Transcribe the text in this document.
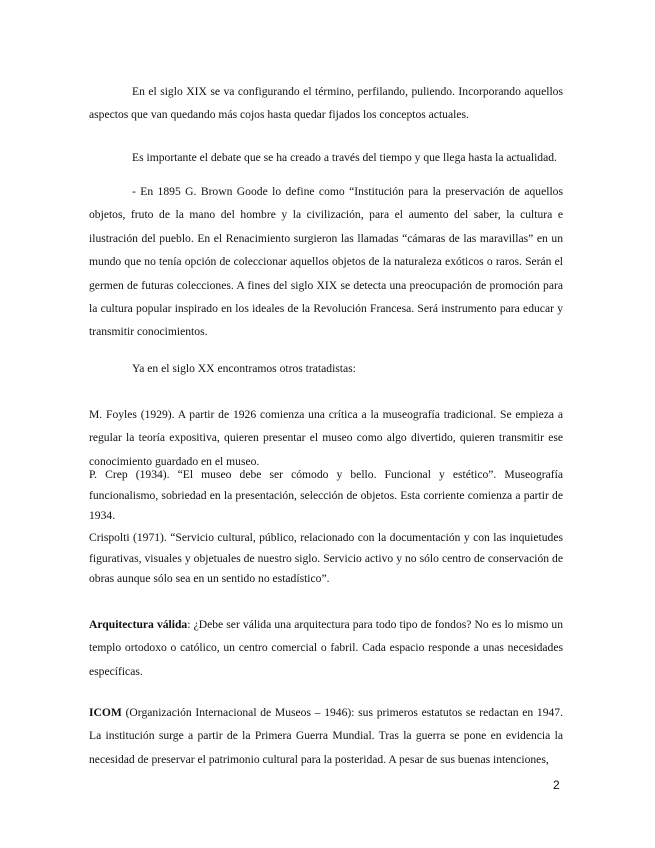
En el siglo XIX se va configurando el término, perfilando, puliendo. Incorporando aquellos aspectos que van quedando más cojos hasta quedar fijados los conceptos actuales.

Es importante el debate que se ha creado a través del tiempo y que llega hasta la actualidad.

- En 1895 G. Brown Goode lo define como “Institución para la preservación de aquellos objetos, fruto de la mano del hombre y la civilización, para el aumento del saber, la cultura e ilustración del pueblo. En el Renacimiento surgieron las llamadas “cámaras de las maravillas” en un mundo que no tenía opción de coleccionar aquellos objetos de la naturaleza exóticos o raros. Serán el germen de futuras colecciones. A fines del siglo XIX se detecta una preocupación de promoción para la cultura popular inspirado en los ideales de la Revolución Francesa. Será instrumento para educar y transmitir conocimientos.

Ya en el siglo XX encontramos otros tratadistas:

M. Foyles (1929). A partir de 1926 comienza una crítica a la museografía tradicional. Se empieza a regular la teoría expositiva, quieren presentar el museo como algo divertido, quieren transmitir ese conocimiento guardado en el museo.

P. Crep (1934). “El museo debe ser cómodo y bello. Funcional y estético”. Museografía funcionalismo, sobriedad en la presentación, selección de objetos. Esta corriente comienza a partir de 1934.

Crispolti (1971). “Servicio cultural, público, relacionado con la documentación y con las inquietudes figurativas, visuales y objetuales de nuestro siglo. Servicio activo y no sólo centro de conservación de obras aunque sólo sea en un sentido no estadístico”.

Arquitectura válida: ¿Debe ser válida una arquitectura para todo tipo de fondos? No es lo mismo un templo ortodoxo o católico, un centro comercial o fabril. Cada espacio responde a unas necesidades específicas.

ICOM (Organización Internacional de Museos – 1946): sus primeros estatutos se redactan en 1947. La institución surge a partir de la Primera Guerra Mundial. Tras la guerra se pone en evidencia la necesidad de preservar el patrimonio cultural para la posteridad. A pesar de sus buenas intenciones,

2
